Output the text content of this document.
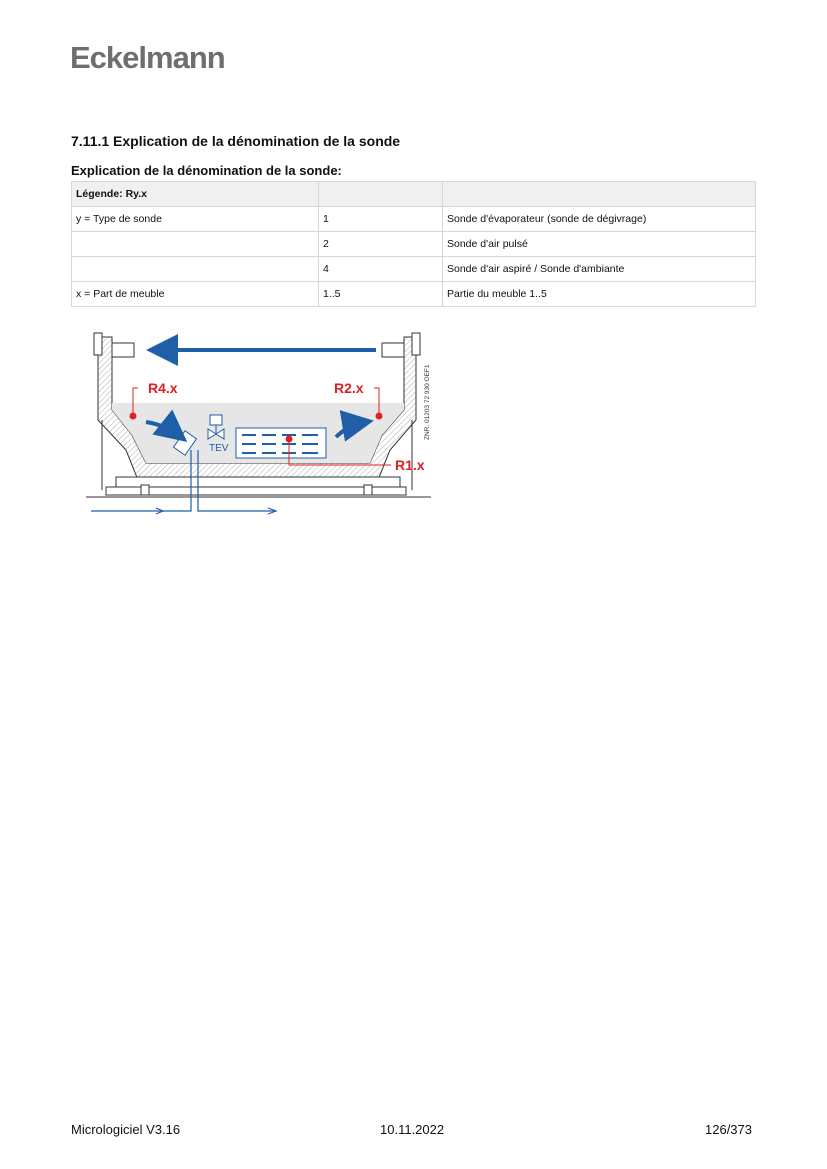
Eckelmann
7.11.1 Explication de la dénomination de la sonde
Explication de la dénomination de la sonde:
Légende: Ry.x		
y = Type de sonde	1	Sonde d'évaporateur (sonde de dégivrage)
	2	Sonde d'air pulsé
	4	Sonde d'air aspiré / Sonde d'ambiante
x = Part de meuble	1..5	Partie du meuble 1..5
TEV
R4.x	R2.x
R1.x
ZNR. 01203 72 930 OEF1
Micrologiciel V3.16	10.11.2022	126/373
